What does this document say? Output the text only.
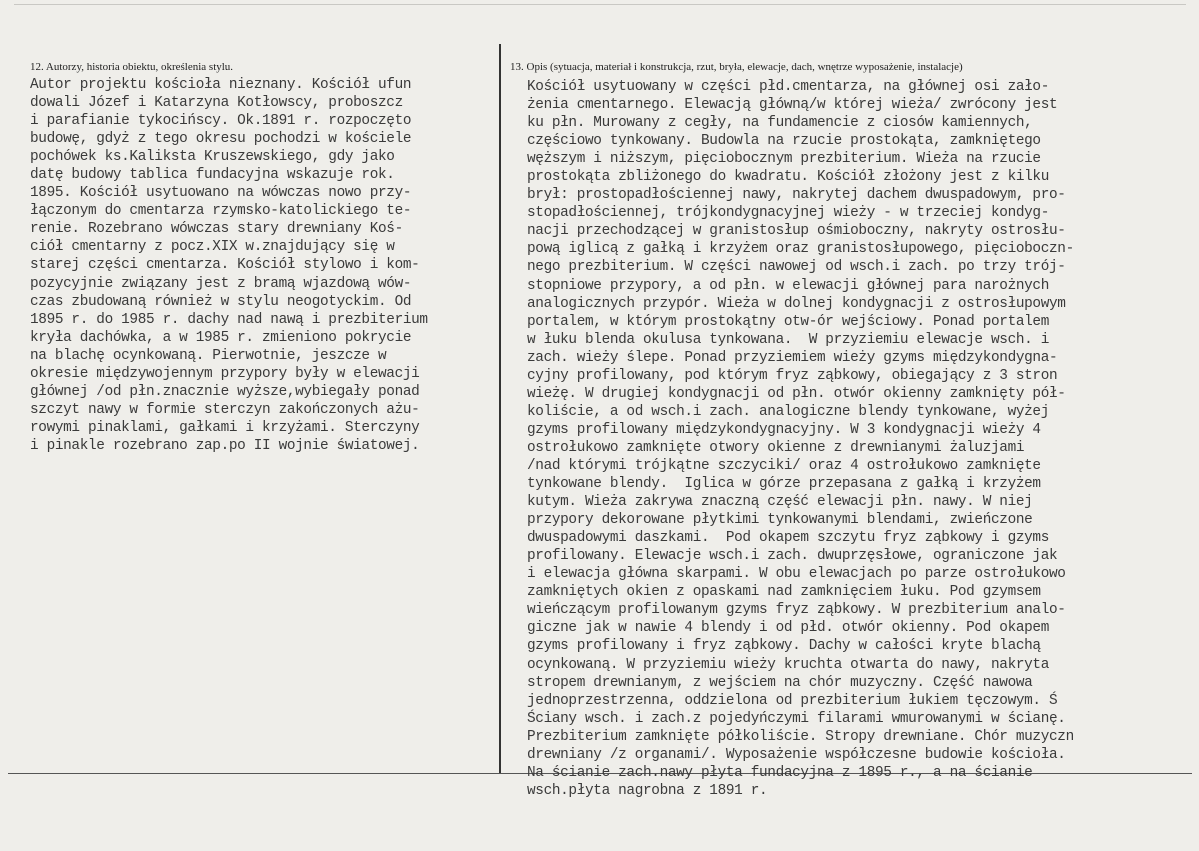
12. Autorzy, historia obiektu, określenia stylu.	13. Opis (sytuacja, materiał i konstrukcja, rzut, bryła, elewacje, dach, wnętrze wyposażenie, instalacje)
Autor projektu kościoła nieznany. Kościół ufun
dowali Józef i Katarzyna Kotłowscy, proboszcz
i parafianie tykocińscy. Ok.1891 r. rozpoczęto
budowę, gdyż z tego okresu pochodzi w kościele
pochówek ks.Kaliksta Kruszewskiego, gdy jako
datę budowy tablica fundacyjna wskazuje rok.
1895. Kościół usytuowano na wówczas nowo przy-
łączonym do cmentarza rzymsko-katolickiego te-
renie. Rozebrano wówczas stary drewniany Koś-
ciół cmentarny z pocz.XIX w.znajdujący się w
starej części cmentarza. Kościół stylowo i kom-
pozycyjnie związany jest z bramą wjazdową wów-
czas zbudowaną również w stylu neogotyckim. Od
1895 r. do 1985 r. dachy nad nawą i prezbiterium
kryła dachówka, a w 1985 r. zmieniono pokrycie
na blachę ocynkowaną. Pierwotnie, jeszcze w
okresie międzywojennym przypory były w elewacji
głównej /od płn.znacznie wyższe,wybiegały ponad
szczyt nawy w formie sterczyn zakończonych ażu-
rowymi pinaklami, gałkami i krzyżami. Sterczyny
i pinakle rozebrano zap.po II wojnie światowej.
Kościół usytuowany w części płd.cmentarza, na głównej osi zało-
żenia cmentarnego. Elewacją główną/w której wieża/ zwrócony jest
ku płn. Murowany z cegły, na fundamencie z ciosów kamiennych,
częściowo tynkowany. Budowla na rzucie prostokąta, zamkniętego
węższym i niższym, pięciobocznym prezbiterium. Wieża na rzucie
prostokąta zbliżonego do kwadratu. Kościół złożony jest z kilku
brył: prostopadłościennej nawy, nakrytej dachem dwuspadowym, pro-
stopadłościennej, trójkondygnacyjnej wieży - w trzeciej kondyg-
nacji przechodzącej w granistosłup ośmioboczny, nakryty ostrosłu-
pową iglicą z gałką i krzyżem oraz granistosłupowego, pięcioboczn-
nego prezbiterium. W części nawowej od wsch.i zach. po trzy trój-
stopniowe przypory, a od płn. w elewacji głównej para narożnych
analogicznych przypór. Wieża w dolnej kondygnacji z ostrosłupowym
portalem, w którym prostokątny otw-ór wejściowy. Ponad portalem
w łuku blenda okulusa tynkowana.  W przyziemiu elewacje wsch. i
zach. wieży ślepe. Ponad przyziemiem wieży gzyms międzykondygna-
cyjny profilowany, pod którym fryz ząbkowy, obiegający z 3 stron
wieżę. W drugiej kondygnacji od płn. otwór okienny zamknięty pół-
koliście, a od wsch.i zach. analogiczne blendy tynkowane, wyżej
gzyms profilowany międzykondygnacyjny. W 3 kondygnacji wieży 4
ostrołukowo zamknięte otwory okienne z drewnianymi żaluzjami
/nad którymi trójkątne szczyciki/ oraz 4 ostrołukowo zamknięte
tynkowane blendy.  Iglica w górze przepasana z gałką i krzyżem
kutym. Wieża zakrywa znaczną część elewacji płn. nawy. W niej
przypory dekorowane płytkimi tynkowanymi blendami, zwieńczone
dwuspadowymi daszkami.  Pod okapem szczytu fryz ząbkowy i gzyms
profilowany. Elewacje wsch.i zach. dwuprzęsłowe, ograniczone jak
i elewacja główna skarpami. W obu elewacjach po parze ostrołukowo
zamkniętych okien z opaskami nad zamknięciem łuku. Pod gzymsem
wieńczącym profilowanym gzyms fryz ząbkowy. W prezbiterium analo-
giczne jak w nawie 4 blendy i od płd. otwór okienny. Pod okapem
gzyms profilowany i fryz ząbkowy. Dachy w całości kryte blachą
ocynkowaną. W przyziemiu wieży kruchta otwarta do nawy, nakryta
stropem drewnianym, z wejściem na chór muzyczny. Część nawowa
jednoprzestrzenna, oddzielona od prezbiterium łukiem tęczowym. Ś
Ściany wsch. i zach.z pojedyńczymi filarami wmurowanymi w ścianę.
Prezbiterium zamknięte półkoliście. Stropy drewniane. Chór muzyczn
drewniany /z organami/. Wyposażenie współczesne budowie kościoła.
Na ścianie zach.nawy płyta fundacyjna z 1895 r., a na ścianie
wsch.płyta nagrobna z 1891 r.
